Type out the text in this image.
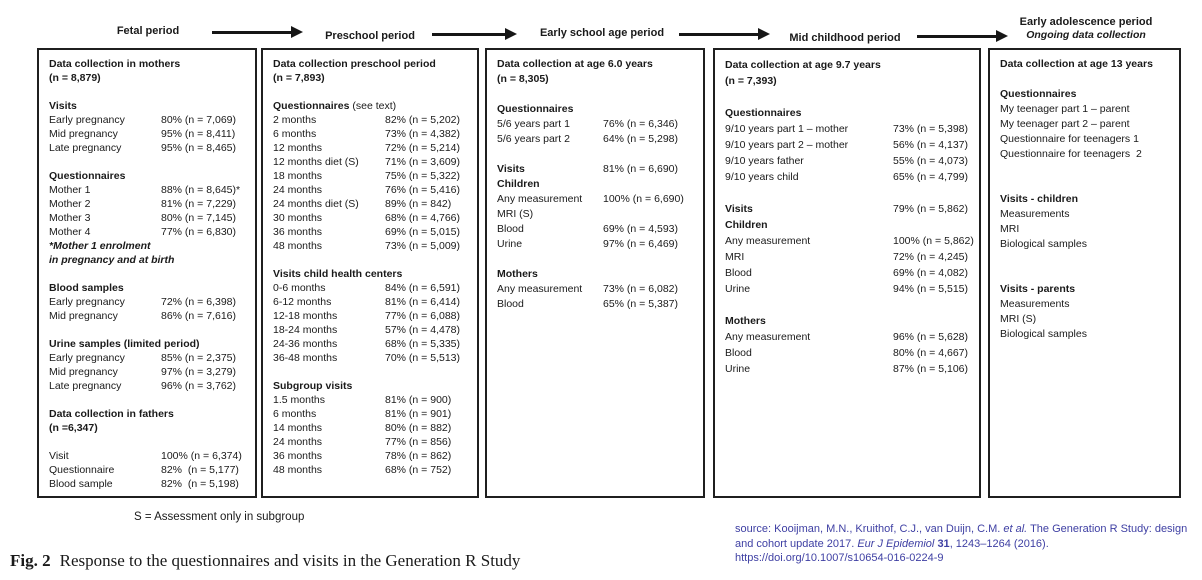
Fetal period	Preschool period	Early school age period	Mid childhood period
Early adolescence period
Ongoing data collection
Data collection in mothers
(n = 8,879)
Visits
Early pregnancy	80% (n = 7,069)
Mid pregnancy	95% (n = 8,411)
Late pregnancy	95% (n = 8,465)
Questionnaires
Mother 1	88% (n = 8,645)*
Mother 2	81% (n = 7,229)
Mother 3	80% (n = 7,145)
Mother 4	77% (n = 6,830)
*Mother 1 enrolment
in pregnancy and at birth
Blood samples
Early pregnancy	72% (n = 6,398)
Mid pregnancy	86% (n = 7,616)
Urine samples (limited period)
Early pregnancy	85% (n = 2,375)
Mid pregnancy	97% (n = 3,279)
Late pregnancy	96% (n = 3,762)
Data collection in fathers
(n =6,347)
Visit	100% (n = 6,374)
Questionnaire	82%  (n = 5,177)
Blood sample	82%  (n = 5,198)
Data collection preschool period
(n = 7,893)
Questionnaires (see text)
2 months	82% (n = 5,202)
6 months	73% (n = 4,382)
12 months	72% (n = 5,214)
12 months diet (S)	71% (n = 3,609)
18 months	75% (n = 5,322)
24 months	76% (n = 5,416)
24 months diet (S)	89% (n = 842)
30 months	68% (n = 4,766)
36 months	69% (n = 5,015)
48 months	73% (n = 5,009)
Visits child health centers
0-6 months	84% (n = 6,591)
6-12 months	81% (n = 6,414)
12-18 months	77% (n = 6,088)
18-24 months	57% (n = 4,478)
24-36 months	68% (n = 5,335)
36-48 months	70% (n = 5,513)
Subgroup visits
1.5 months	81% (n = 900)
6 months	81% (n = 901)
14 months	80% (n = 882)
24 months	77% (n = 856)
36 months	78% (n = 862)
48 months	68% (n = 752)
Data collection at age 6.0 years
(n = 8,305)
Questionnaires
5/6 years part 1	76% (n = 6,346)
5/6 years part 2	64% (n = 5,298)
Visits	81% (n = 6,690)
Children
Any measurement	100% (n = 6,690)
MRI (S)
Blood	69% (n = 4,593)
Urine	97% (n = 6,469)
Mothers
Any measurement	73% (n = 6,082)
Blood	65% (n = 5,387)
Data collection at age 9.7 years
(n = 7,393)
Questionnaires
9/10 years part 1 – mother	73% (n = 5,398)
9/10 years part 2 – mother	56% (n = 4,137)
9/10 years father	55% (n = 4,073)
9/10 years child	65% (n = 4,799)
Visits	79% (n = 5,862)
Children
Any measurement	100% (n = 5,862)
MRI	72% (n = 4,245)
Blood	69% (n = 4,082)
Urine	94% (n = 5,515)
Mothers
Any measurement	96% (n = 5,628)
Blood	80% (n = 4,667)
Urine	87% (n = 5,106)
Data collection at age 13 years
Questionnaires
My teenager part 1 – parent
My teenager part 2 – parent
Questionnaire for teenagers 1
Questionnaire for teenagers  2
Visits - children
Measurements
MRI
Biological samples
Visits - parents
Measurements
MRI (S)
Biological samples
S = Assessment only in subgroup
Fig. 2 Response to the questionnaires and visits in the Generation R Study
source: Kooijman, M.N., Kruithof, C.J., van Duijn, C.M. et al. The Generation R Study: design and cohort update 2017. Eur J Epidemiol 31, 1243–1264 (2016).
https://doi.org/10.1007/s10654-016-0224-9
